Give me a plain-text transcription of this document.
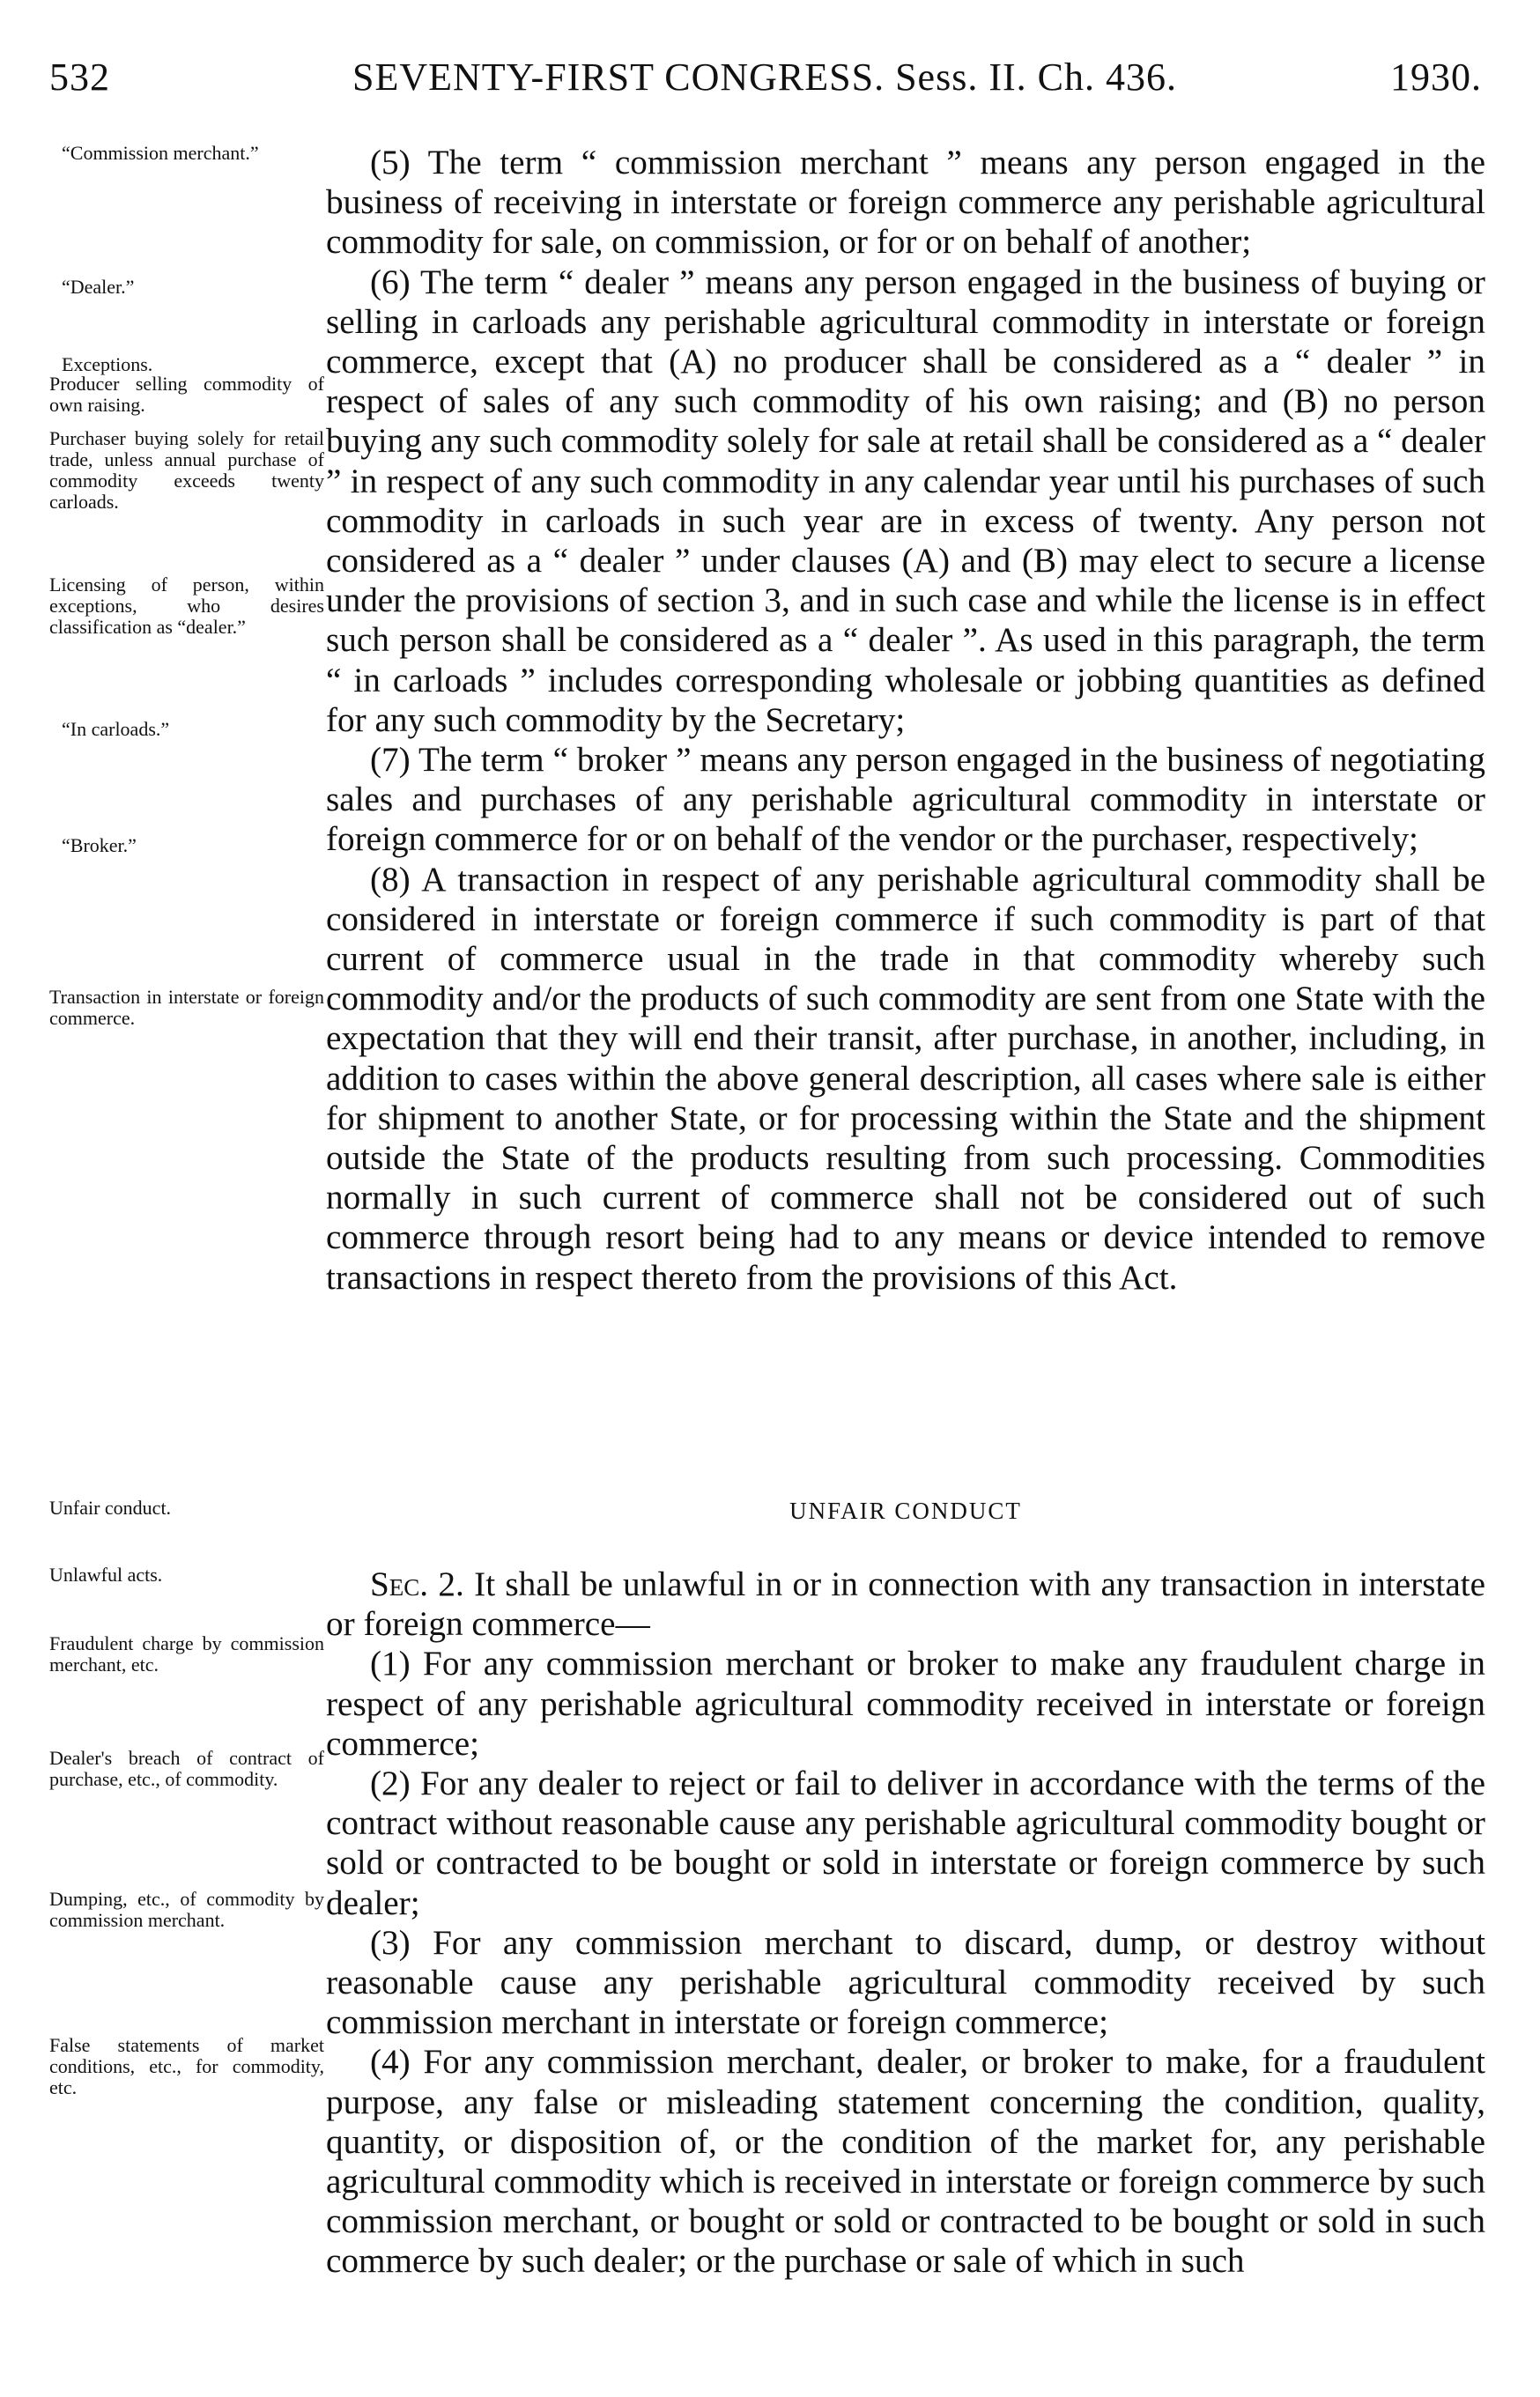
532	SEVENTY-FIRST CONGRESS. Sess. II. Ch. 436.	1930.
“Commission merchant.”
“Dealer.”
Exceptions.
Producer selling commodity of own raising.
Purchaser buying solely for retail trade, unless annual purchase of commodity exceeds twenty carloads.
Licensing of person, within exceptions, who desires classification as “dealer.”
“In carloads.”
“Broker.”
Transaction in interstate or foreign commerce.
Unfair conduct.
Unlawful acts.
Fraudulent charge by commission merchant, etc.
Dealer's breach of contract of purchase, etc., of commodity.
Dumping, etc., of commodity by commission merchant.
False statements of market conditions, etc., for commodity, etc.

(5) The term “ commission merchant ” means any person engaged in the business of receiving in interstate or foreign commerce any perishable agricultural commodity for sale, on commission, or for or on behalf of another;

(6) The term “ dealer ” means any person engaged in the business of buying or selling in carloads any perishable agricultural commodity in interstate or foreign commerce, except that (A) no producer shall be considered as a “ dealer ” in respect of sales of any such commodity of his own raising; and (B) no person buying any such commodity solely for sale at retail shall be considered as a “ dealer ” in respect of any such commodity in any calendar year until his purchases of such commodity in carloads in such year are in excess of twenty. Any person not considered as a “ dealer ” under clauses (A) and (B) may elect to secure a license under the provisions of section 3, and in such case and while the license is in effect such person shall be considered as a “ dealer ”. As used in this paragraph, the term “ in carloads ” includes corresponding wholesale or jobbing quantities as defined for any such commodity by the Secretary;

(7) The term “ broker ” means any person engaged in the business of negotiating sales and purchases of any perishable agricultural commodity in interstate or foreign commerce for or on behalf of the vendor or the purchaser, respectively;

(8) A transaction in respect of any perishable agricultural commodity shall be considered in interstate or foreign commerce if such commodity is part of that current of commerce usual in the trade in that commodity whereby such commodity and/or the products of such commodity are sent from one State with the expectation that they will end their transit, after purchase, in another, including, in addition to cases within the above general description, all cases where sale is either for shipment to another State, or for processing within the State and the shipment outside the State of the products resulting from such processing. Commodities normally in such current of commerce shall not be considered out of such commerce through resort being had to any means or device intended to remove transactions in respect thereto from the provisions of this Act.

UNFAIR CONDUCT

Sec. 2. It shall be unlawful in or in connection with any transaction in interstate or foreign commerce—

(1) For any commission merchant or broker to make any fraudulent charge in respect of any perishable agricultural commodity received in interstate or foreign commerce;

(2) For any dealer to reject or fail to deliver in accordance with the terms of the contract without reasonable cause any perishable agricultural commodity bought or sold or contracted to be bought or sold in interstate or foreign commerce by such dealer;

(3) For any commission merchant to discard, dump, or destroy without reasonable cause any perishable agricultural commodity received by such commission merchant in interstate or foreign commerce;

(4) For any commission merchant, dealer, or broker to make, for a fraudulent purpose, any false or misleading statement concerning the condition, quality, quantity, or disposition of, or the condition of the market for, any perishable agricultural commodity which is received in interstate or foreign commerce by such commission merchant, or bought or sold or contracted to be bought or sold in such commerce by such dealer; or the purchase or sale of which in such
